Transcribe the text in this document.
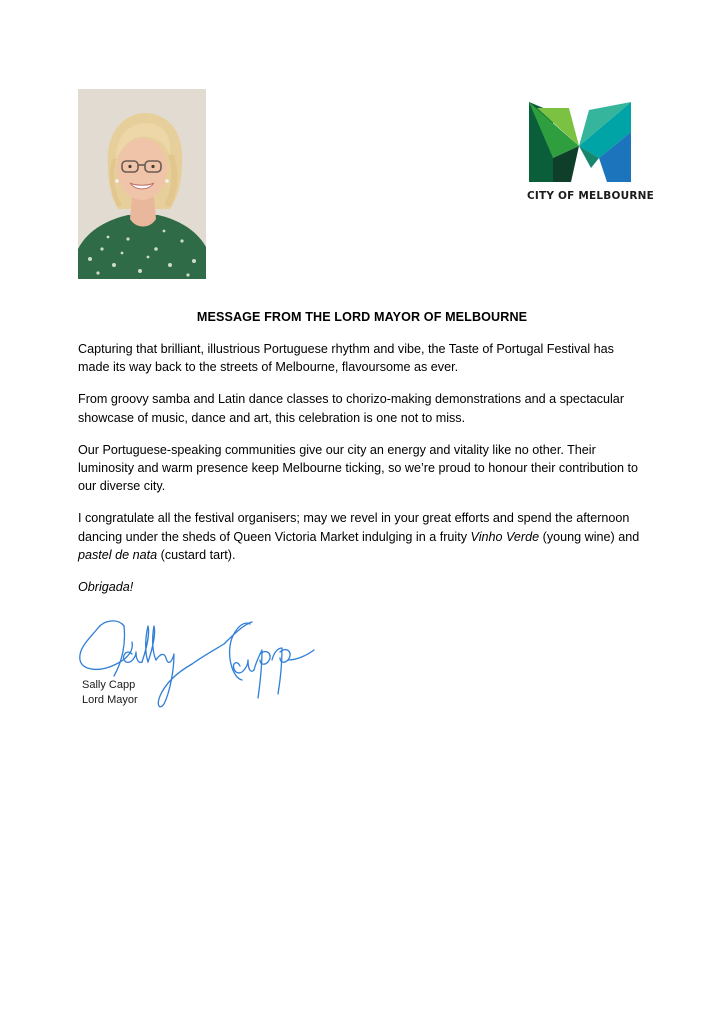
CITY OF MELBOURNE
MESSAGE FROM THE LORD MAYOR OF MELBOURNE

Capturing that brilliant, illustrious Portuguese rhythm and vibe, the Taste of Portugal Festival has made its way back to the streets of Melbourne, flavoursome as ever.

From groovy samba and Latin dance classes to chorizo-making demonstrations and a spectacular showcase of music, dance and art, this celebration is one not to miss.

Our Portuguese-speaking communities give our city an energy and vitality like no other. Their luminosity and warm presence keep Melbourne ticking, so we’re proud to honour their contribution to our diverse city.

I congratulate all the festival organisers; may we revel in your great efforts and spend the afternoon dancing under the sheds of Queen Victoria Market indulging in a fruity Vinho Verde (young wine) and pastel de nata (custard tart).

Obrigada!

Sally Capp
Lord Mayor
